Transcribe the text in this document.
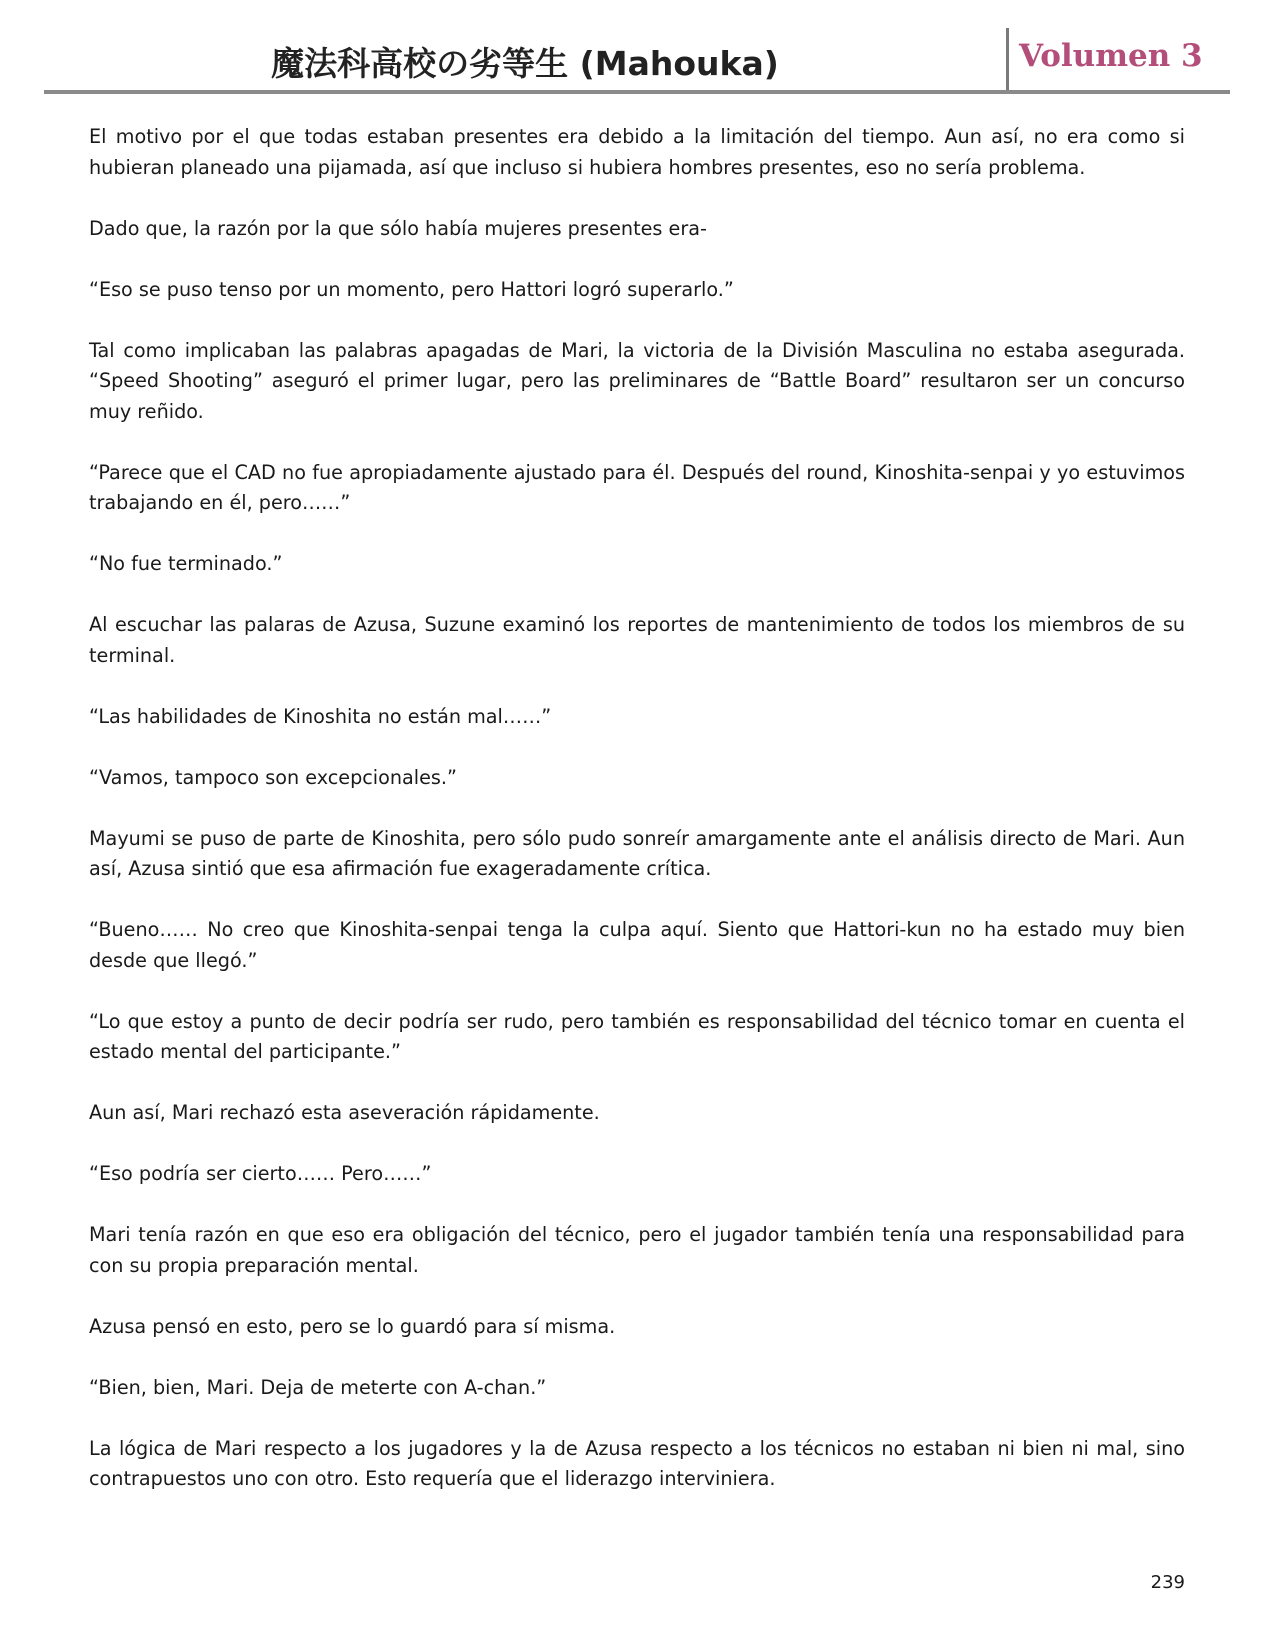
魔法科高校の劣等生 (Mahouka)	Volumen 3

El motivo por el que todas estaban presentes era debido a la limitación del tiempo. Aun así, no era como si hubieran planeado una pijamada, así que incluso si hubiera hombres presentes, eso no sería problema.

Dado que, la razón por la que sólo había mujeres presentes era-

“Eso se puso tenso por un momento, pero Hattori logró superarlo.”

Tal como implicaban las palabras apagadas de Mari, la victoria de la División Masculina no estaba asegurada. “Speed Shooting” aseguró el primer lugar, pero las preliminares de “Battle Board” resultaron ser un concurso muy reñido.

“Parece que el CAD no fue apropiadamente ajustado para él. Después del round, Kinoshita-senpai y yo estuvimos trabajando en él, pero……”

“No fue terminado.”

Al escuchar las palaras de Azusa, Suzune examinó los reportes de mantenimiento de todos los miembros de su terminal.

“Las habilidades de Kinoshita no están mal……”

“Vamos, tampoco son excepcionales.”

Mayumi se puso de parte de Kinoshita, pero sólo pudo sonreír amargamente ante el análisis directo de Mari. Aun así, Azusa sintió que esa afirmación fue exageradamente crítica.

“Bueno…… No creo que Kinoshita-senpai tenga la culpa aquí. Siento que Hattori-kun no ha estado muy bien desde que llegó.”

“Lo que estoy a punto de decir podría ser rudo, pero también es responsabilidad del técnico tomar en cuenta el estado mental del participante.”

Aun así, Mari rechazó esta aseveración rápidamente.

“Eso podría ser cierto…… Pero……”

Mari tenía razón en que eso era obligación del técnico, pero el jugador también tenía una responsabilidad para con su propia preparación mental.

Azusa pensó en esto, pero se lo guardó para sí misma.

“Bien, bien, Mari. Deja de meterte con A-chan.”

La lógica de Mari respecto a los jugadores y la de Azusa respecto a los técnicos no estaban ni bien ni mal, sino contrapuestos uno con otro. Esto requería que el liderazgo interviniera.

239
